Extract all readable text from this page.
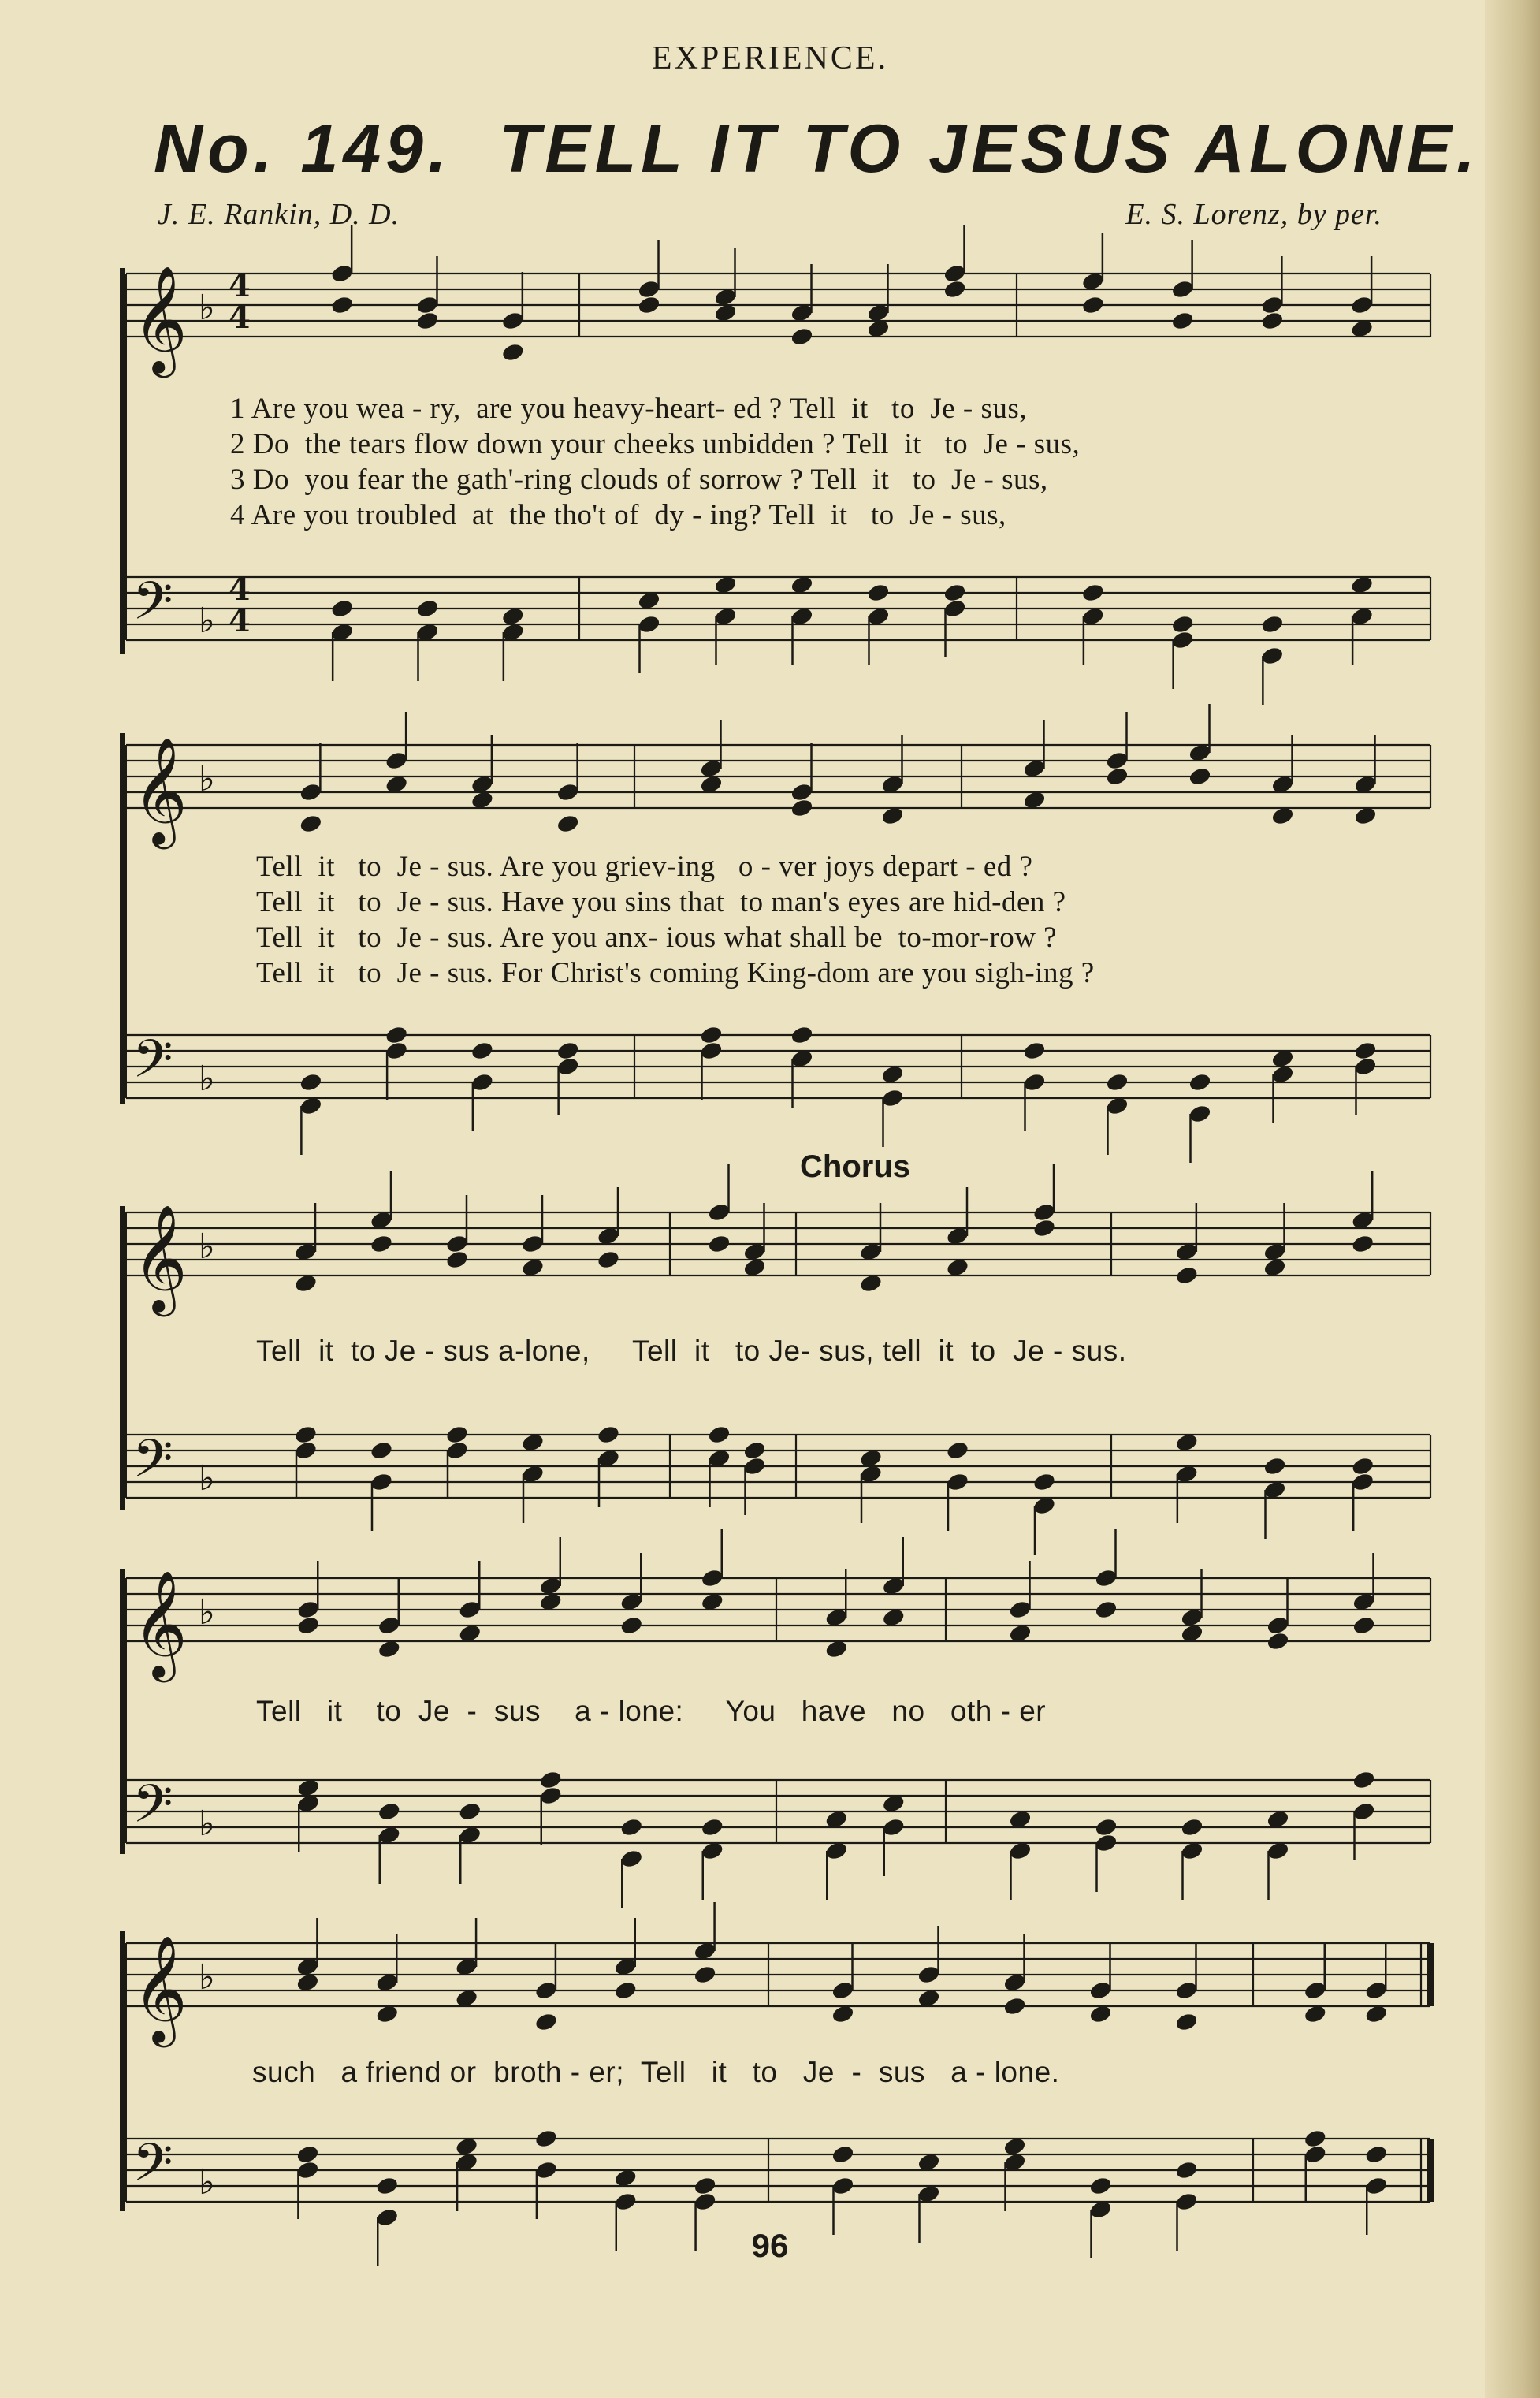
EXPERIENCE.
No. 149. TELL IT TO JESUS ALONE.
J. E. Rankin, D. D.	E. S. Lorenz, by per.
𝄞
𝄢
♭
♭
4
4
4
4
𝄞
𝄢
♭
♭
𝄞
𝄢
♭
♭
𝄞
𝄢
♭
♭
𝄞
𝄢
♭
♭
1 Are you wea - ry,  are you heavy-heart- ed ? Tell  it   to  Je - sus,
2 Do  the tears flow down your cheeks unbidden ? Tell  it   to  Je - sus,
3 Do  you fear the gath'-ring clouds of sorrow ? Tell  it   to  Je - sus,
4 Are you troubled  at  the tho't of  dy - ing? Tell  it   to  Je - sus,
Tell  it   to  Je - sus. Are you griev-ing   o - ver joys depart - ed ?
Tell  it   to  Je - sus. Have you sins that  to man's eyes are hid-den ?
Tell  it   to  Je - sus. Are you anx- ious what shall be  to-mor-row ?
Tell  it   to  Je - sus. For Christ's coming King-dom are you sigh-ing ?
Chorus
Tell  it  to Je - sus a-lone,     Tell  it   to Je- sus, tell  it  to  Je - sus.
Tell   it    to  Je  -  sus    a - lone:     You   have   no   oth - er
such   a friend or  broth - er;  Tell   it   to   Je  -  sus   a - lone.
96
